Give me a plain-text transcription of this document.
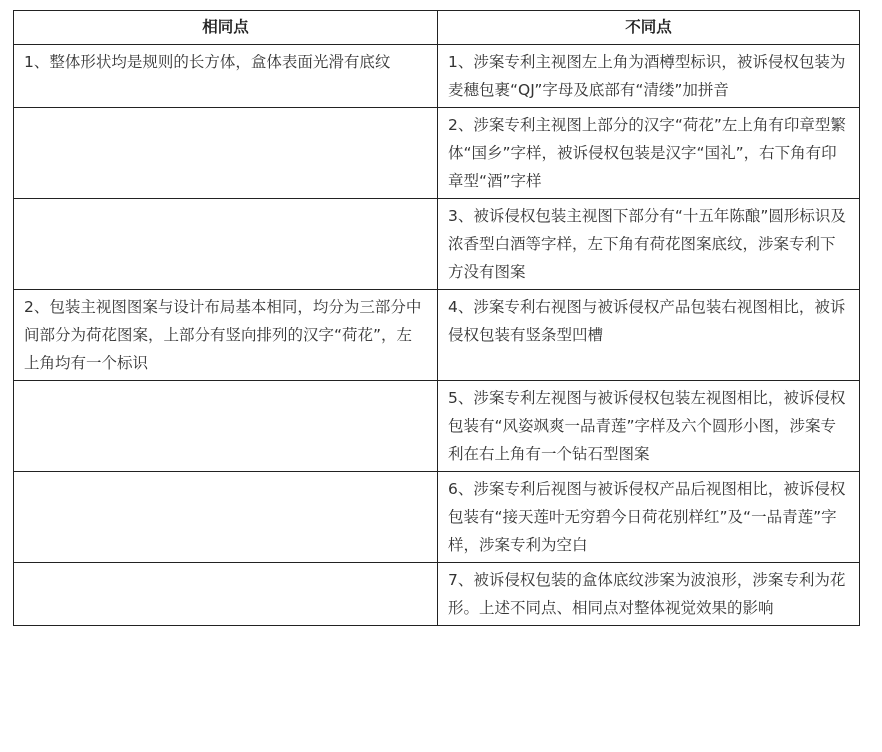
相同点	不同点
1、整体形状均是规则的长方体，盒体表面光滑有底纹	1、涉案专利主视图左上角为酒樽型标识，被诉侵权包装为麦穗包裹“QJ”字母及底部有“清缕”加拼音
	2、涉案专利主视图上部分的汉字“荷花”左上角有印章型繁体“国乡”字样，被诉侵权包装是汉字“国礼”，右下角有印章型“酒”字样
	3、被诉侵权包装主视图下部分有“十五年陈酿”圆形标识及浓香型白酒等字样，左下角有荷花图案底纹，涉案专利下方没有图案
2、包装主视图图案与设计布局基本相同，均分为三部分中间部分为荷花图案，上部分有竖向排列的汉字“荷花”，左上角均有一个标识	4、涉案专利右视图与被诉侵权产品包装右视图相比，被诉侵权包装有竖条型凹槽
	5、涉案专利左视图与被诉侵权包装左视图相比，被诉侵权包装有“风姿飒爽一品青莲”字样及六个圆形小图，涉案专利在右上角有一个钻石型图案
	6、涉案专利后视图与被诉侵权产品后视图相比，被诉侵权包装有“接天莲叶无穷碧今日荷花别样红”及“一品青莲”字样，涉案专利为空白
	7、被诉侵权包装的盒体底纹涉案为波浪形，涉案专利为花形。上述不同点、相同点对整体视觉效果的影响
